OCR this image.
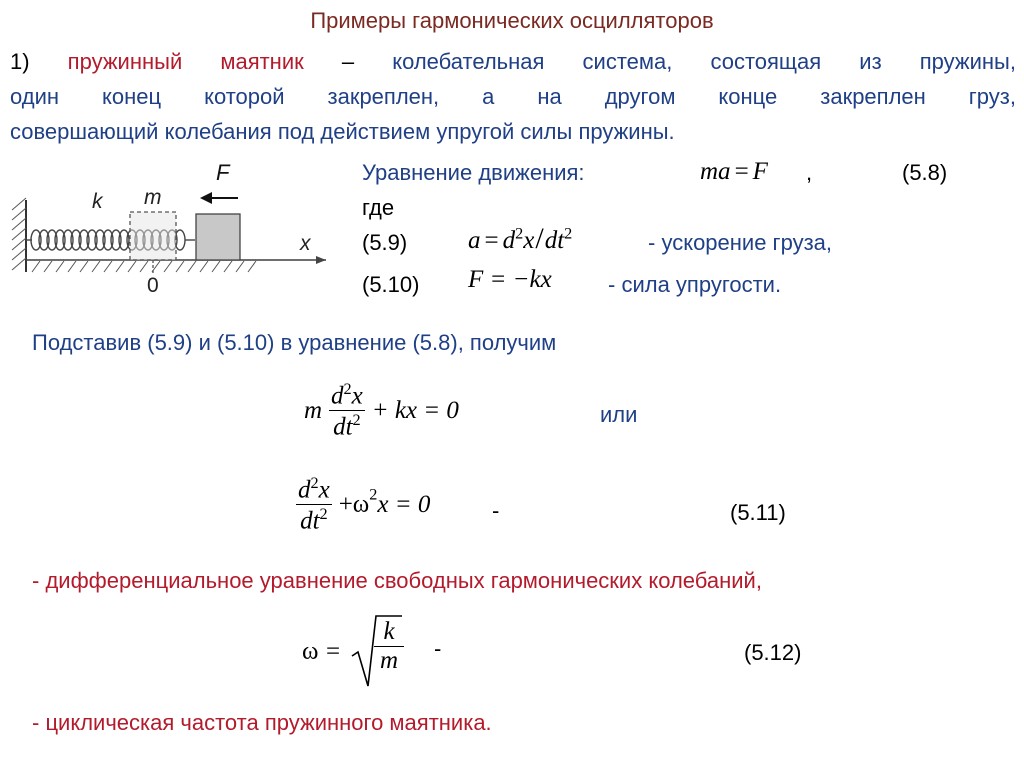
Примеры гармонических осцилляторов
1) пружинный маятник – колебательная система, состоящая из пружины,
один конец которой закреплен, а на другом конце закреплен груз,
совершающий колебания под действием упругой силы пружины.
k m
F
x
0
Уравнение движения:	ma = F ,	(5.8)
где
(5.9) $a = d^2x/dt^2$	- ускорение груза,
(5.10) F = −kx	- сила упругости.
Подставив (5.9) и (5.10) в уравнение (5.8), получим
m $\frac{d^2x}{dt^2}$ + kx = 0	или
$\frac{d^2x}{dt^2} +\omega^2x = 0$	-	(5.11)
- дифференциальное уравнение свободных гармонических колебаний,
ω =
k
m -	(5.12)
- циклическая частота пружинного маятника.
